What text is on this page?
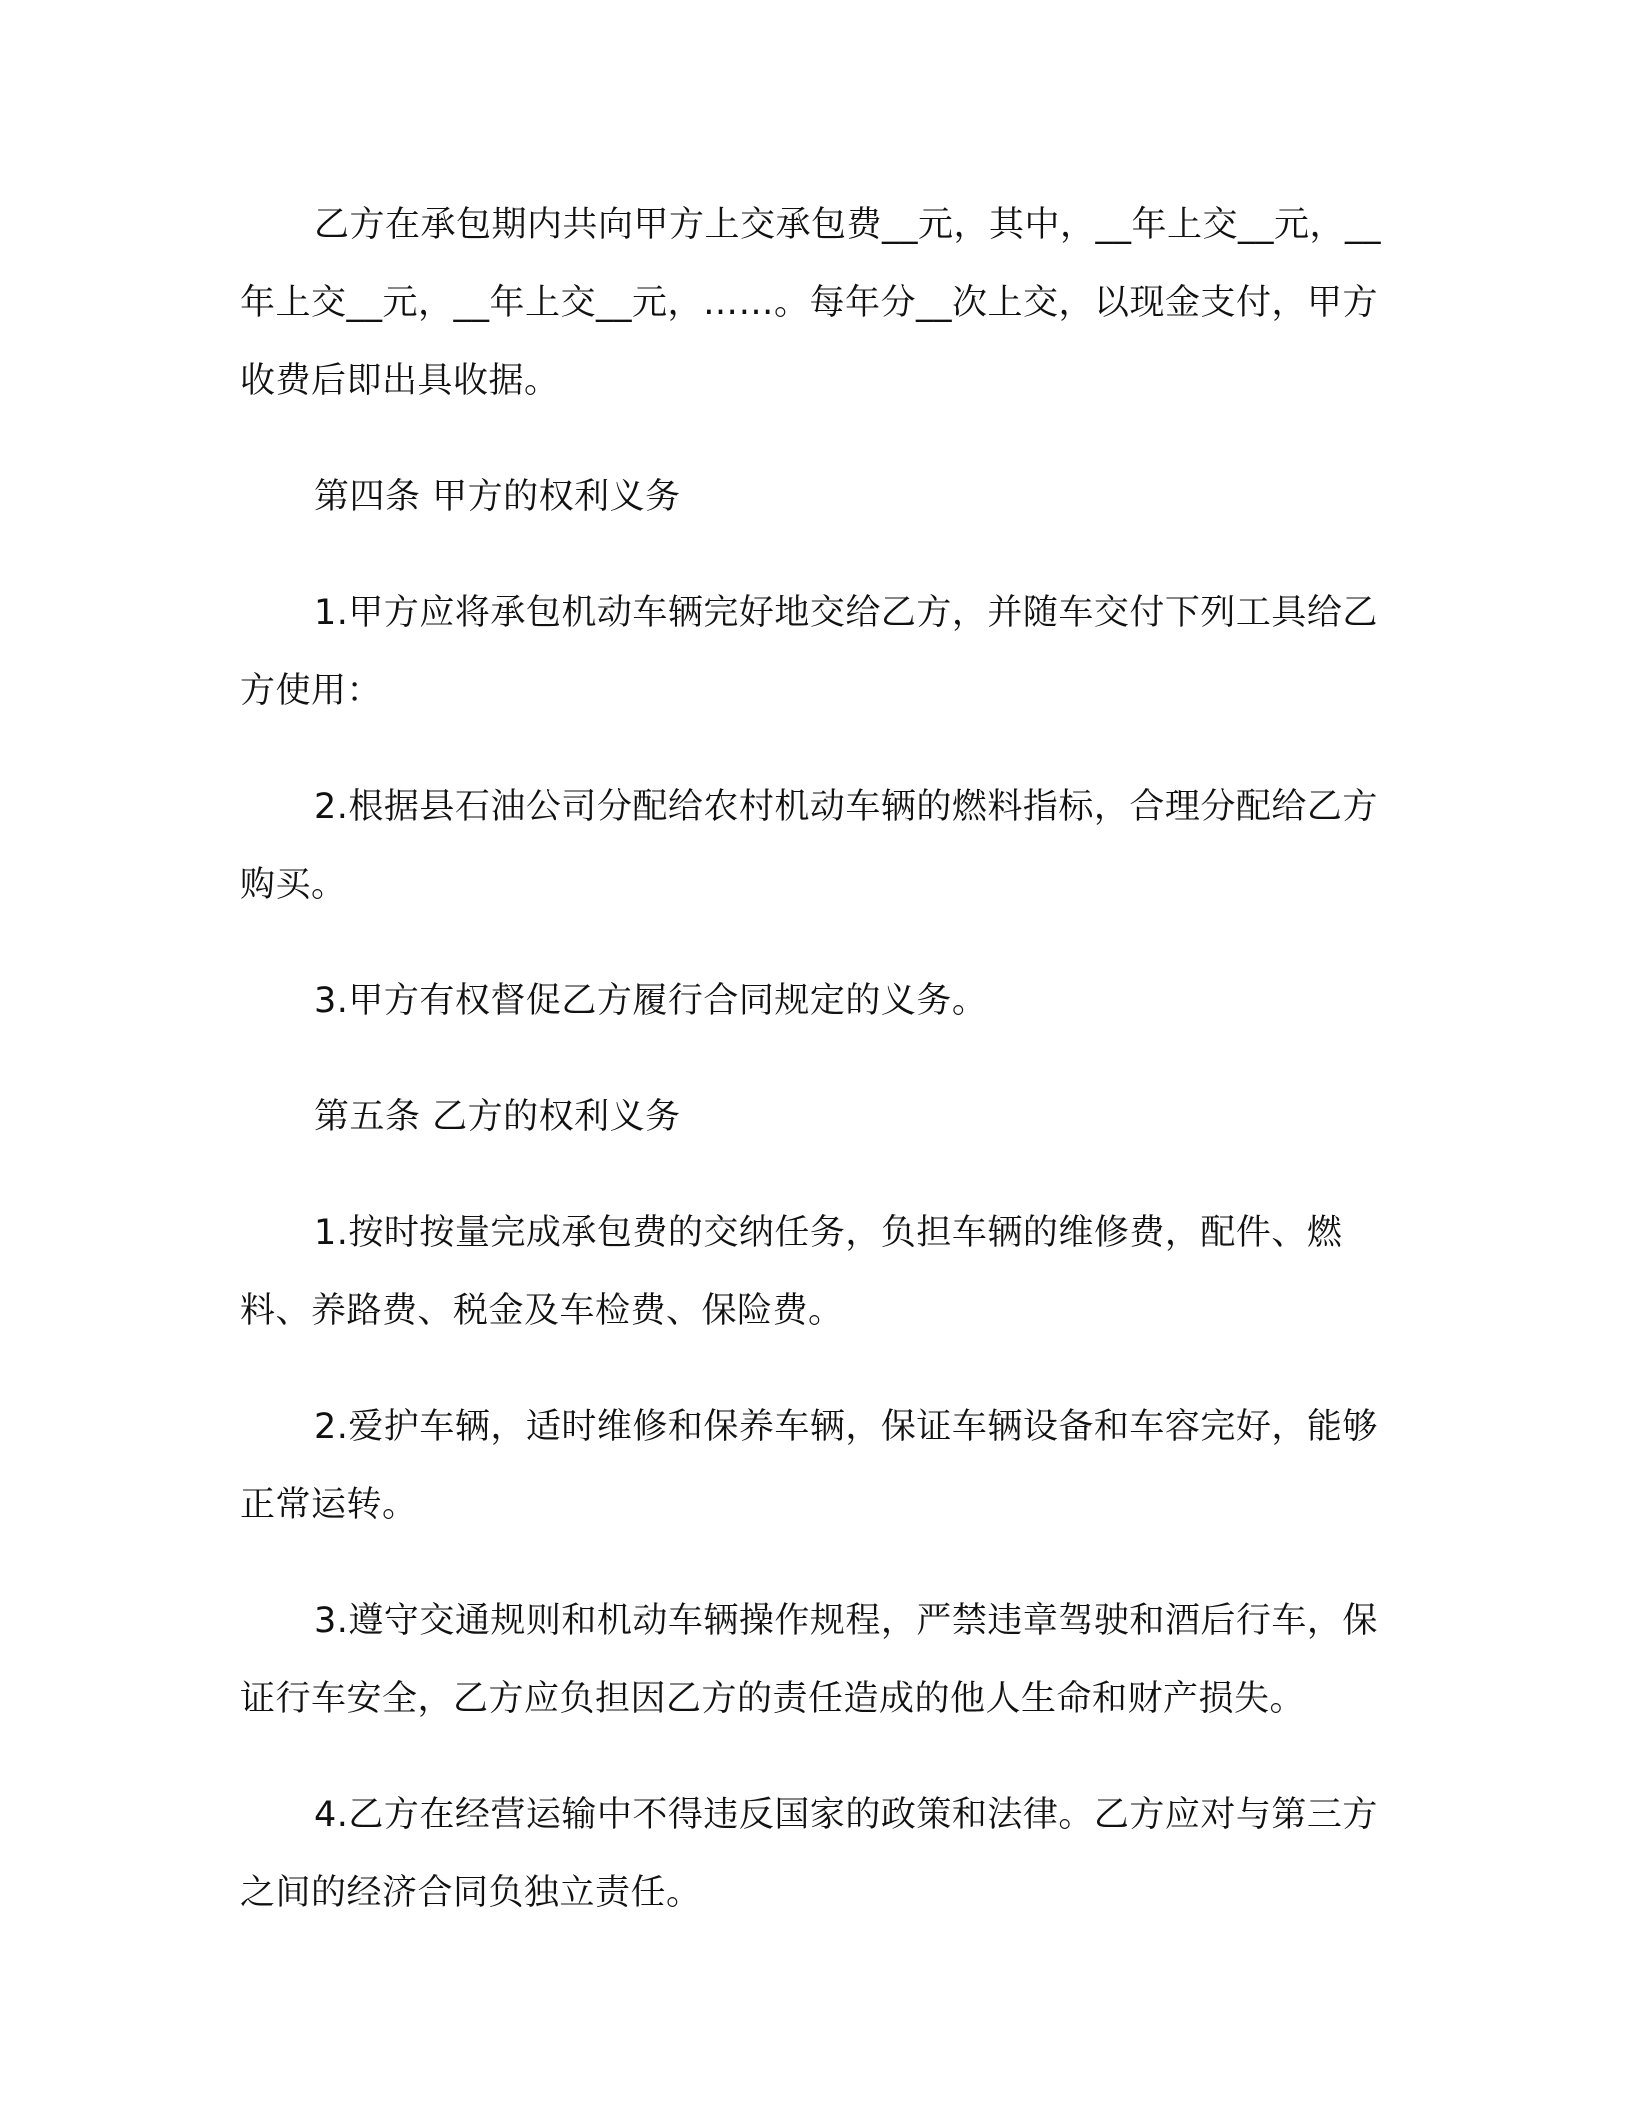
乙方在承包期内共向甲方上交承包费__元，其中，__年上交__元，__年上交__元，__年上交__元，……。每年分__次上交，以现金支付，甲方收费后即出具收据。

第四条 甲方的权利义务

1.甲方应将承包机动车辆完好地交给乙方，并随车交付下列工具给乙方使用：

2.根据县石油公司分配给农村机动车辆的燃料指标，合理分配给乙方购买。

3.甲方有权督促乙方履行合同规定的义务。

第五条 乙方的权利义务

1.按时按量完成承包费的交纳任务，负担车辆的维修费，配件、燃料、养路费、税金及车检费、保险费。

2.爱护车辆，适时维修和保养车辆，保证车辆设备和车容完好，能够正常运转。

3.遵守交通规则和机动车辆操作规程，严禁违章驾驶和酒后行车，保证行车安全，乙方应负担因乙方的责任造成的他人生命和财产损失。

4.乙方在经营运输中不得违反国家的政策和法律。乙方应对与第三方之间的经济合同负独立责任。
